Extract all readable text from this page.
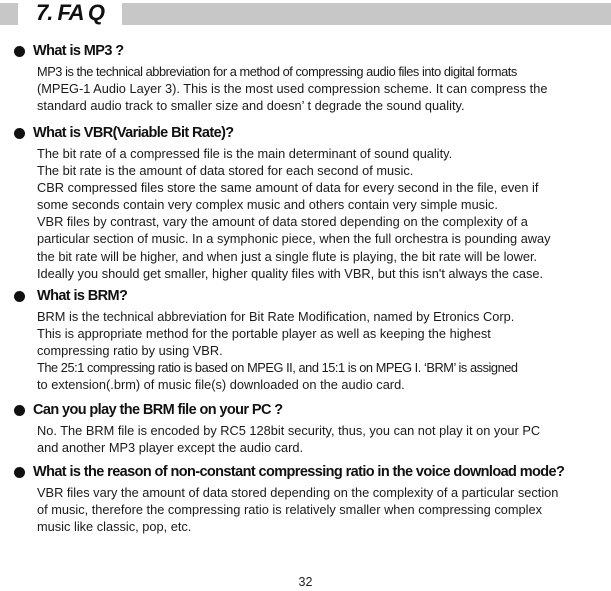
7. FA Q
What is MP3 ?

MP3 is the technical abbreviation for a method of compressing audio files into digital formats
(MPEG-1 Audio Layer 3). This is the most used compression scheme. It can compress the
standard audio track to smaller size and doesn’ t degrade the sound quality.
What is VBR(Variable Bit Rate)?

The bit rate of a compressed file is the main determinant of sound quality.
The bit rate is the amount of data stored for each second of music.
CBR compressed files store the same amount of data for every second in the file, even if
some seconds contain very complex music and others contain very simple music.
VBR files by contrast, vary the amount of data stored depending on the complexity of a
particular section of music. In a symphonic piece, when the full orchestra is pounding away
the bit rate will be higher, and when just a single flute is playing, the bit rate will be lower.
Ideally you should get smaller, higher quality files with VBR, but this isn't always the case.
What is BRM?

BRM is the technical abbreviation for Bit Rate Modification, named by Etronics Corp.
This is appropriate method for the portable player as well as keeping the highest
compressing ratio by using VBR.
The 25:1 compressing ratio is based on MPEG II, and 15:1 is on MPEG I. ‘BRM’ is assigned
to extension(.brm) of music file(s) downloaded on the audio card.
Can you play the BRM file on your PC ?

No. The BRM file is encoded by RC5 128bit security, thus, you can not play it on your PC
and another MP3 player except the audio card.
What is the reason of non-constant compressing ratio in the voice download mode?

VBR files vary the amount of data stored depending on the complexity of a particular section
of music, therefore the compressing ratio is relatively smaller when compressing complex
music like classic, pop, etc.
32
